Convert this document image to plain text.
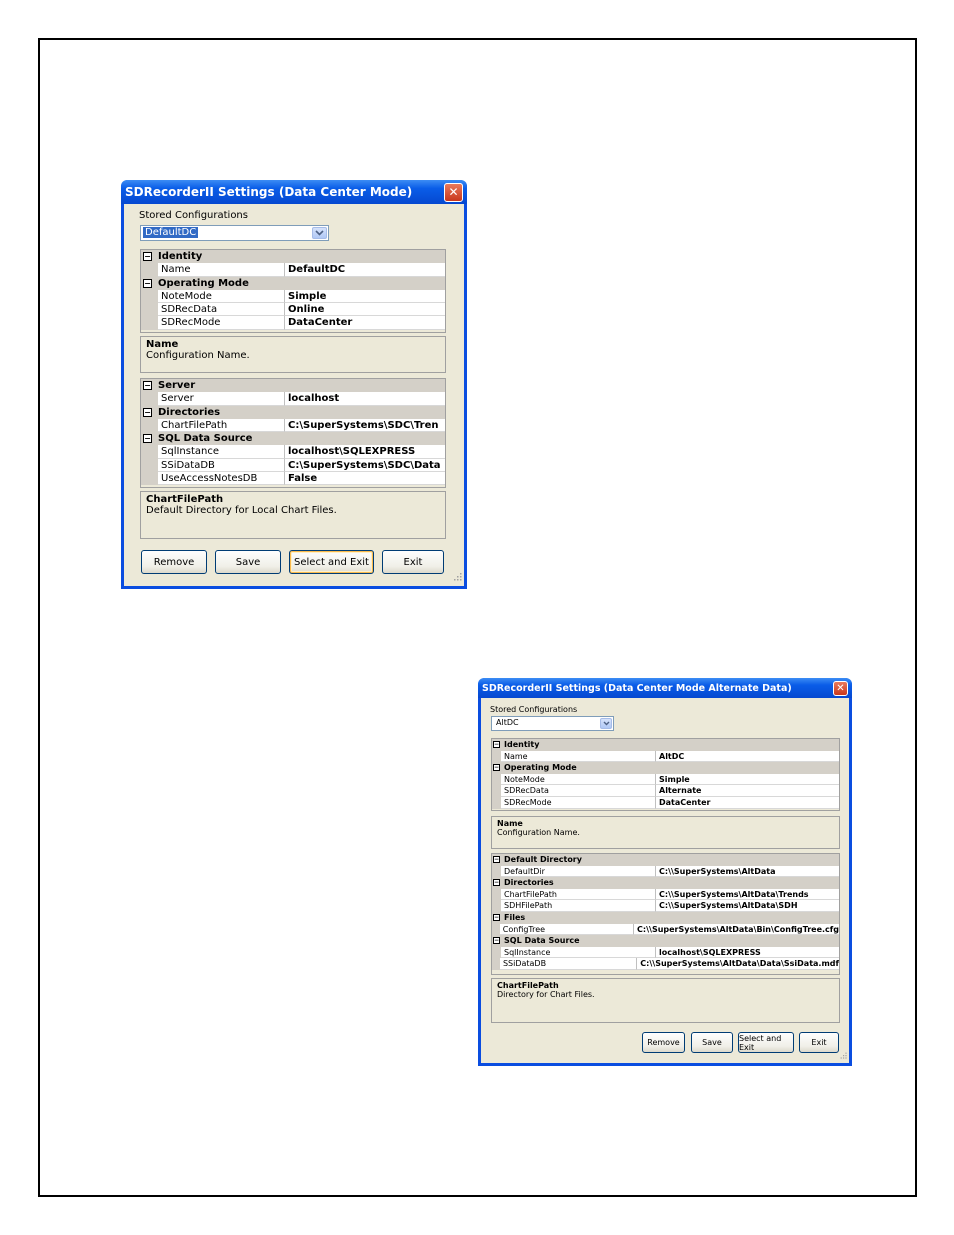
SDRecorderII Settings (Data Center Mode)	✕
Stored Configurations
DefaultDC
− Identity
Name	DefaultDC
− Operating Mode
NoteMode	Simple
SDRecData	Online
SDRecMode	DataCenter
Name
Configuration Name.
− Server
Server	localhost
− Directories
ChartFilePath	C:\SuperSystems\SDC\Tren
− SQL Data Source
SqlInstance	localhost\SQLEXPRESS
SSiDataDB	C:\SuperSystems\SDC\Data
UseAccessNotesDB	False
ChartFilePath
Default Directory for Local Chart Files.
Remove	Save	Select and Exit	Exit
SDRecorderII Settings (Data Center Mode Alternate Data)	✕
Stored Configurations
AltDC
− Identity
Name	AltDC
− Operating Mode
NoteMode	Simple
SDRecData	Alternate
SDRecMode	DataCenter
Name
Configuration Name.
− Default Directory
DefaultDir	C:\\SuperSystems\AltData
− Directories
ChartFilePath	C:\\SuperSystems\AltData\Trends
SDHFilePath	C:\\SuperSystems\AltData\SDH
− Files
ConfigTree	C:\\SuperSystems\AltData\Bin\ConfigTree.cfg
− SQL Data Source
SqlInstance	localhost\SQLEXPRESS
SSiDataDB	C:\\SuperSystems\AltData\Data\SsiData.mdf
ChartFilePath
Directory for Chart Files.
Remove	Save	Select and Exit	Exit
